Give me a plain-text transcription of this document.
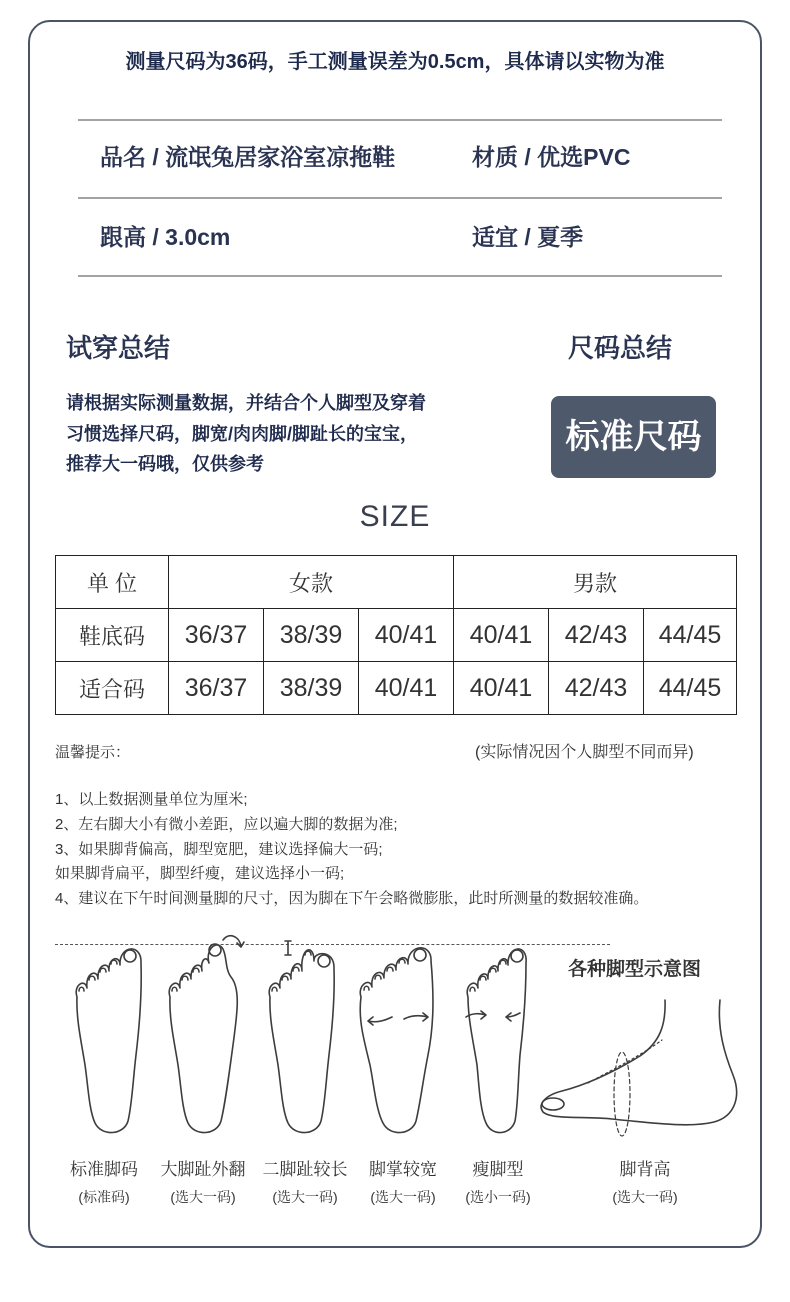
测量尺码为36码，手工测量误差为0.5cm，具体请以实物为准
品名 / 流氓兔居家浴室凉拖鞋	材质 / 优选PVC
跟高 / 3.0cm	适宜 / 夏季
试穿总结	尺码总结
请根据实际测量数据，并结合个人脚型及穿着
习惯选择尺码，脚宽/肉肉脚/脚趾长的宝宝，
推荐大一码哦，仅供参考
标准尺码
SIZE
单 位	女款			男款		
鞋底码	36/37	38/39	40/41	40/41	42/43	44/45
适合码	36/37	38/39	40/41	40/41	42/43	44/45
温馨提示：	(实际情况因个人脚型不同而异)
1、以上数据测量单位为厘米;
2、左右脚大小有微小差距，应以遍大脚的数据为准;
3、如果脚背偏高，脚型宽肥，建议选择偏大一码;
如果脚背扁平，脚型纤瘦，建议选择小一码;
4、建议在下午时间测量脚的尺寸，因为脚在下午会略微膨胀，此时所测量的数据较准确。
各种脚型示意图
标准脚码
(标准码)
大脚趾外翻
(选大一码)
二脚趾较长
(选大一码)
脚掌较宽
(选大一码)
瘦脚型
(选小一码)
脚背高
(选大一码)
